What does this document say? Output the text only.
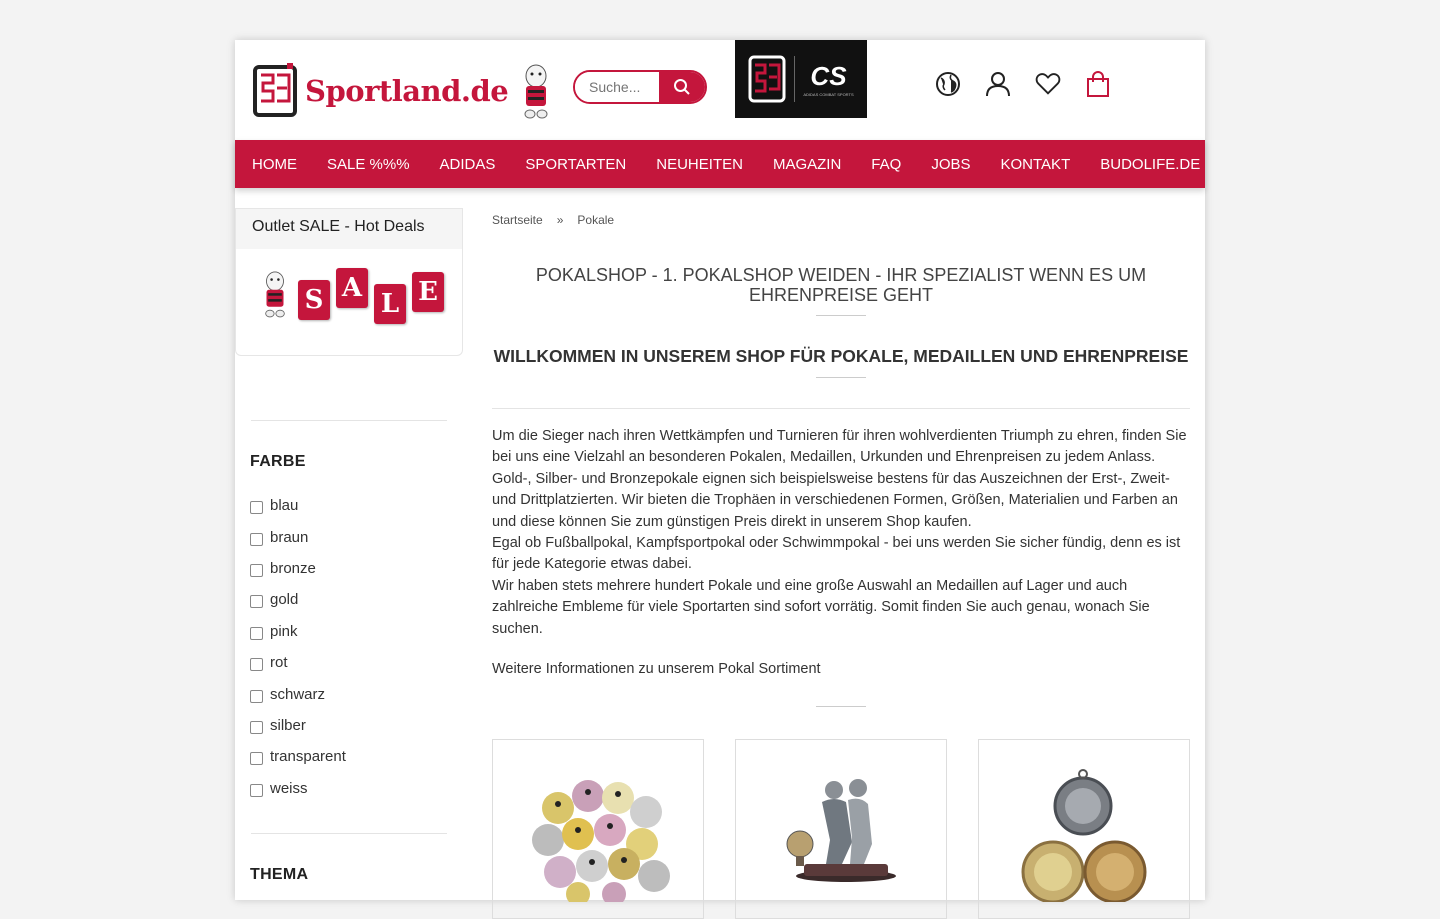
Sportland.de
Suche...	CS
ADIDAS COMBAT SPORTS
HOME	SALE %%%	ADIDAS	SPORTARTEN	NEUHEITEN	MAGAZIN	FAQ	JOBS	KONTAKT	BUDOLIFE.DE
Outlet SALE - Hot Deals
S A
L E
FARBE
blau
braun
bronze
gold
pink
rot
schwarz
silber
transparent
weiss
THEMA
Startseite » Pokale
POKALSHOP - 1. POKALSHOP WEIDEN - IHR SPEZIALIST WENN ES UM EHRENPREISE GEHT
WILLKOMMEN IN UNSEREM SHOP FÜR POKALE, MEDAILLEN UND EHRENPREISE

Um die Sieger nach ihren Wettkämpfen und Turnieren für ihren wohlverdienten Triumph zu ehren, finden Sie bei uns eine Vielzahl an besonderen Pokalen, Medaillen, Urkunden und Ehrenpreisen zu jedem Anlass. Gold-, Silber- und Bronzepokale eignen sich beispielsweise bestens für das Auszeichnen der Erst-, Zweit- und Drittplatzierten. Wir bieten die Trophäen in verschiedenen Formen, Größen, Materialien und Farben an und diese können Sie zum günstigen Preis direkt in unserem Shop kaufen.

Egal ob Fußballpokal, Kampfsportpokal oder Schwimmpokal - bei uns werden Sie sicher fündig, denn es ist für jede Kategorie etwas dabei.

Wir haben stets mehrere hundert Pokale und eine große Auswahl an Medaillen auf Lager und auch zahlreiche Embleme für viele Sportarten sind sofort vorrätig. Somit finden Sie auch genau, wonach Sie suchen.

Weitere Informationen zu unserem Pokal Sortiment
